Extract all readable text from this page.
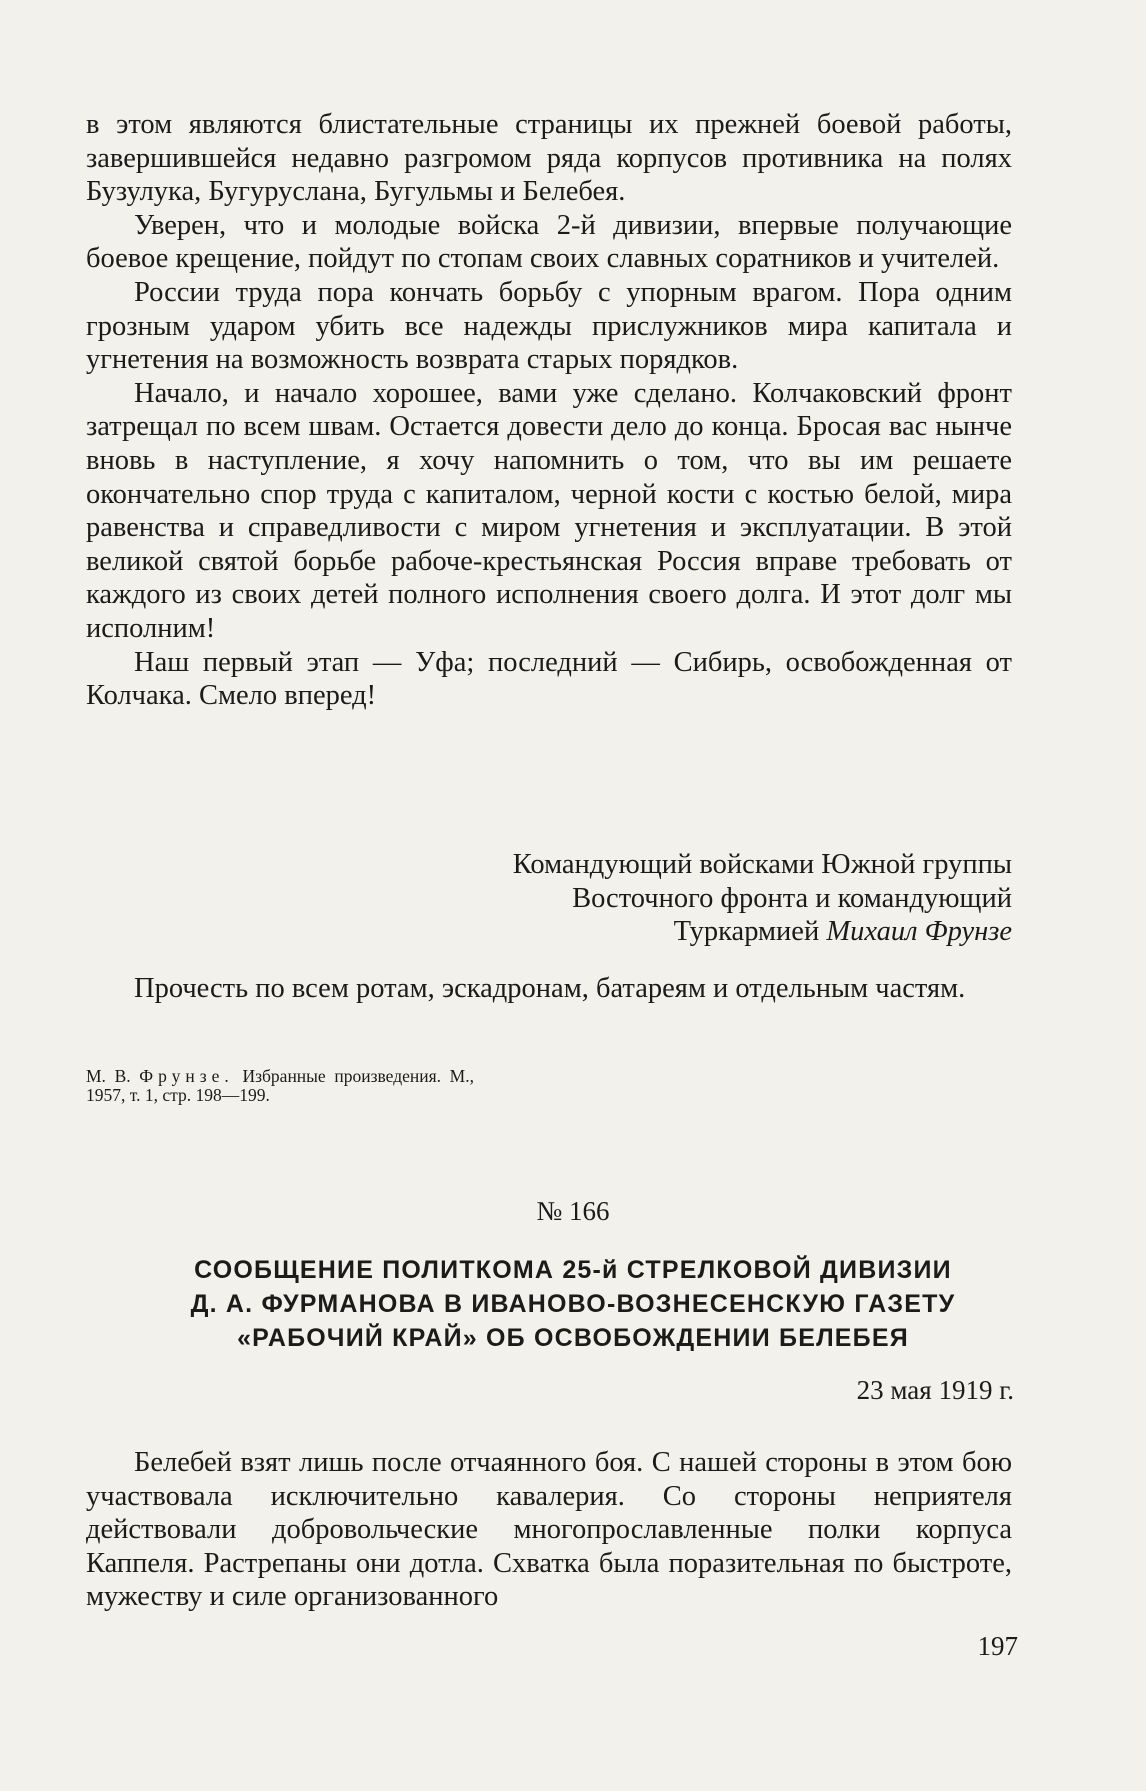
в этом являются блистательные страницы их прежней боевой работы, завершившейся недавно разгромом ряда корпусов противника на полях Бузулука, Бугуруслана, Бугульмы и Белебея.

Уверен, что и молодые войска 2-й дивизии, впервые получающие боевое крещение, пойдут по стопам своих славных соратников и учителей.

России труда пора кончать борьбу с упорным врагом. Пора одним грозным ударом убить все надежды прислужников мира капитала и угнетения на возможность возврата старых порядков.

Начало, и начало хорошее, вами уже сделано. Колчаковский фронт затрещал по всем швам. Остается довести дело до конца. Бросая вас нынче вновь в наступление, я хочу напомнить о том, что вы им решаете окончательно спор труда с капиталом, черной кости с костью белой, мира равенства и справедливости с миром угнетения и эксплуатации. В этой великой святой борьбе рабоче-крестьянская Россия вправе требовать от каждого из своих детей полного исполнения своего долга. И этот долг мы исполним!

Наш первый этап — Уфа; последний — Сибирь, освобожденная от Колчака. Смело вперед!

Командующий войсками Южной группы
Восточного фронта и командующий
Туркармией Михаил Фрунзе

Прочесть по всем ротам, эскадронам, батареям и отдельным частям.

М. В. Фрунзе. Избранные произведения. М., 1957, т. 1, стр. 198—199.
№ 166
СООБЩЕНИЕ ПОЛИТКОМА 25-й СТРЕЛКОВОЙ ДИВИЗИИ
Д. А. ФУРМАНОВА В ИВАНОВО-ВОЗНЕСЕНСКУЮ ГАЗЕТУ
«РАБОЧИЙ КРАЙ» ОБ ОСВОБОЖДЕНИИ БЕЛЕБЕЯ
23 мая 1919 г.

Белебей взят лишь после отчаянного боя. С нашей стороны в этом бою участвовала исключительно кавалерия. Со стороны неприятеля действовали добровольческие многопрославленные полки корпуса Каппеля. Растрепаны они дотла. Схватка была поразительная по быстроте, мужеству и силе организованного

197
